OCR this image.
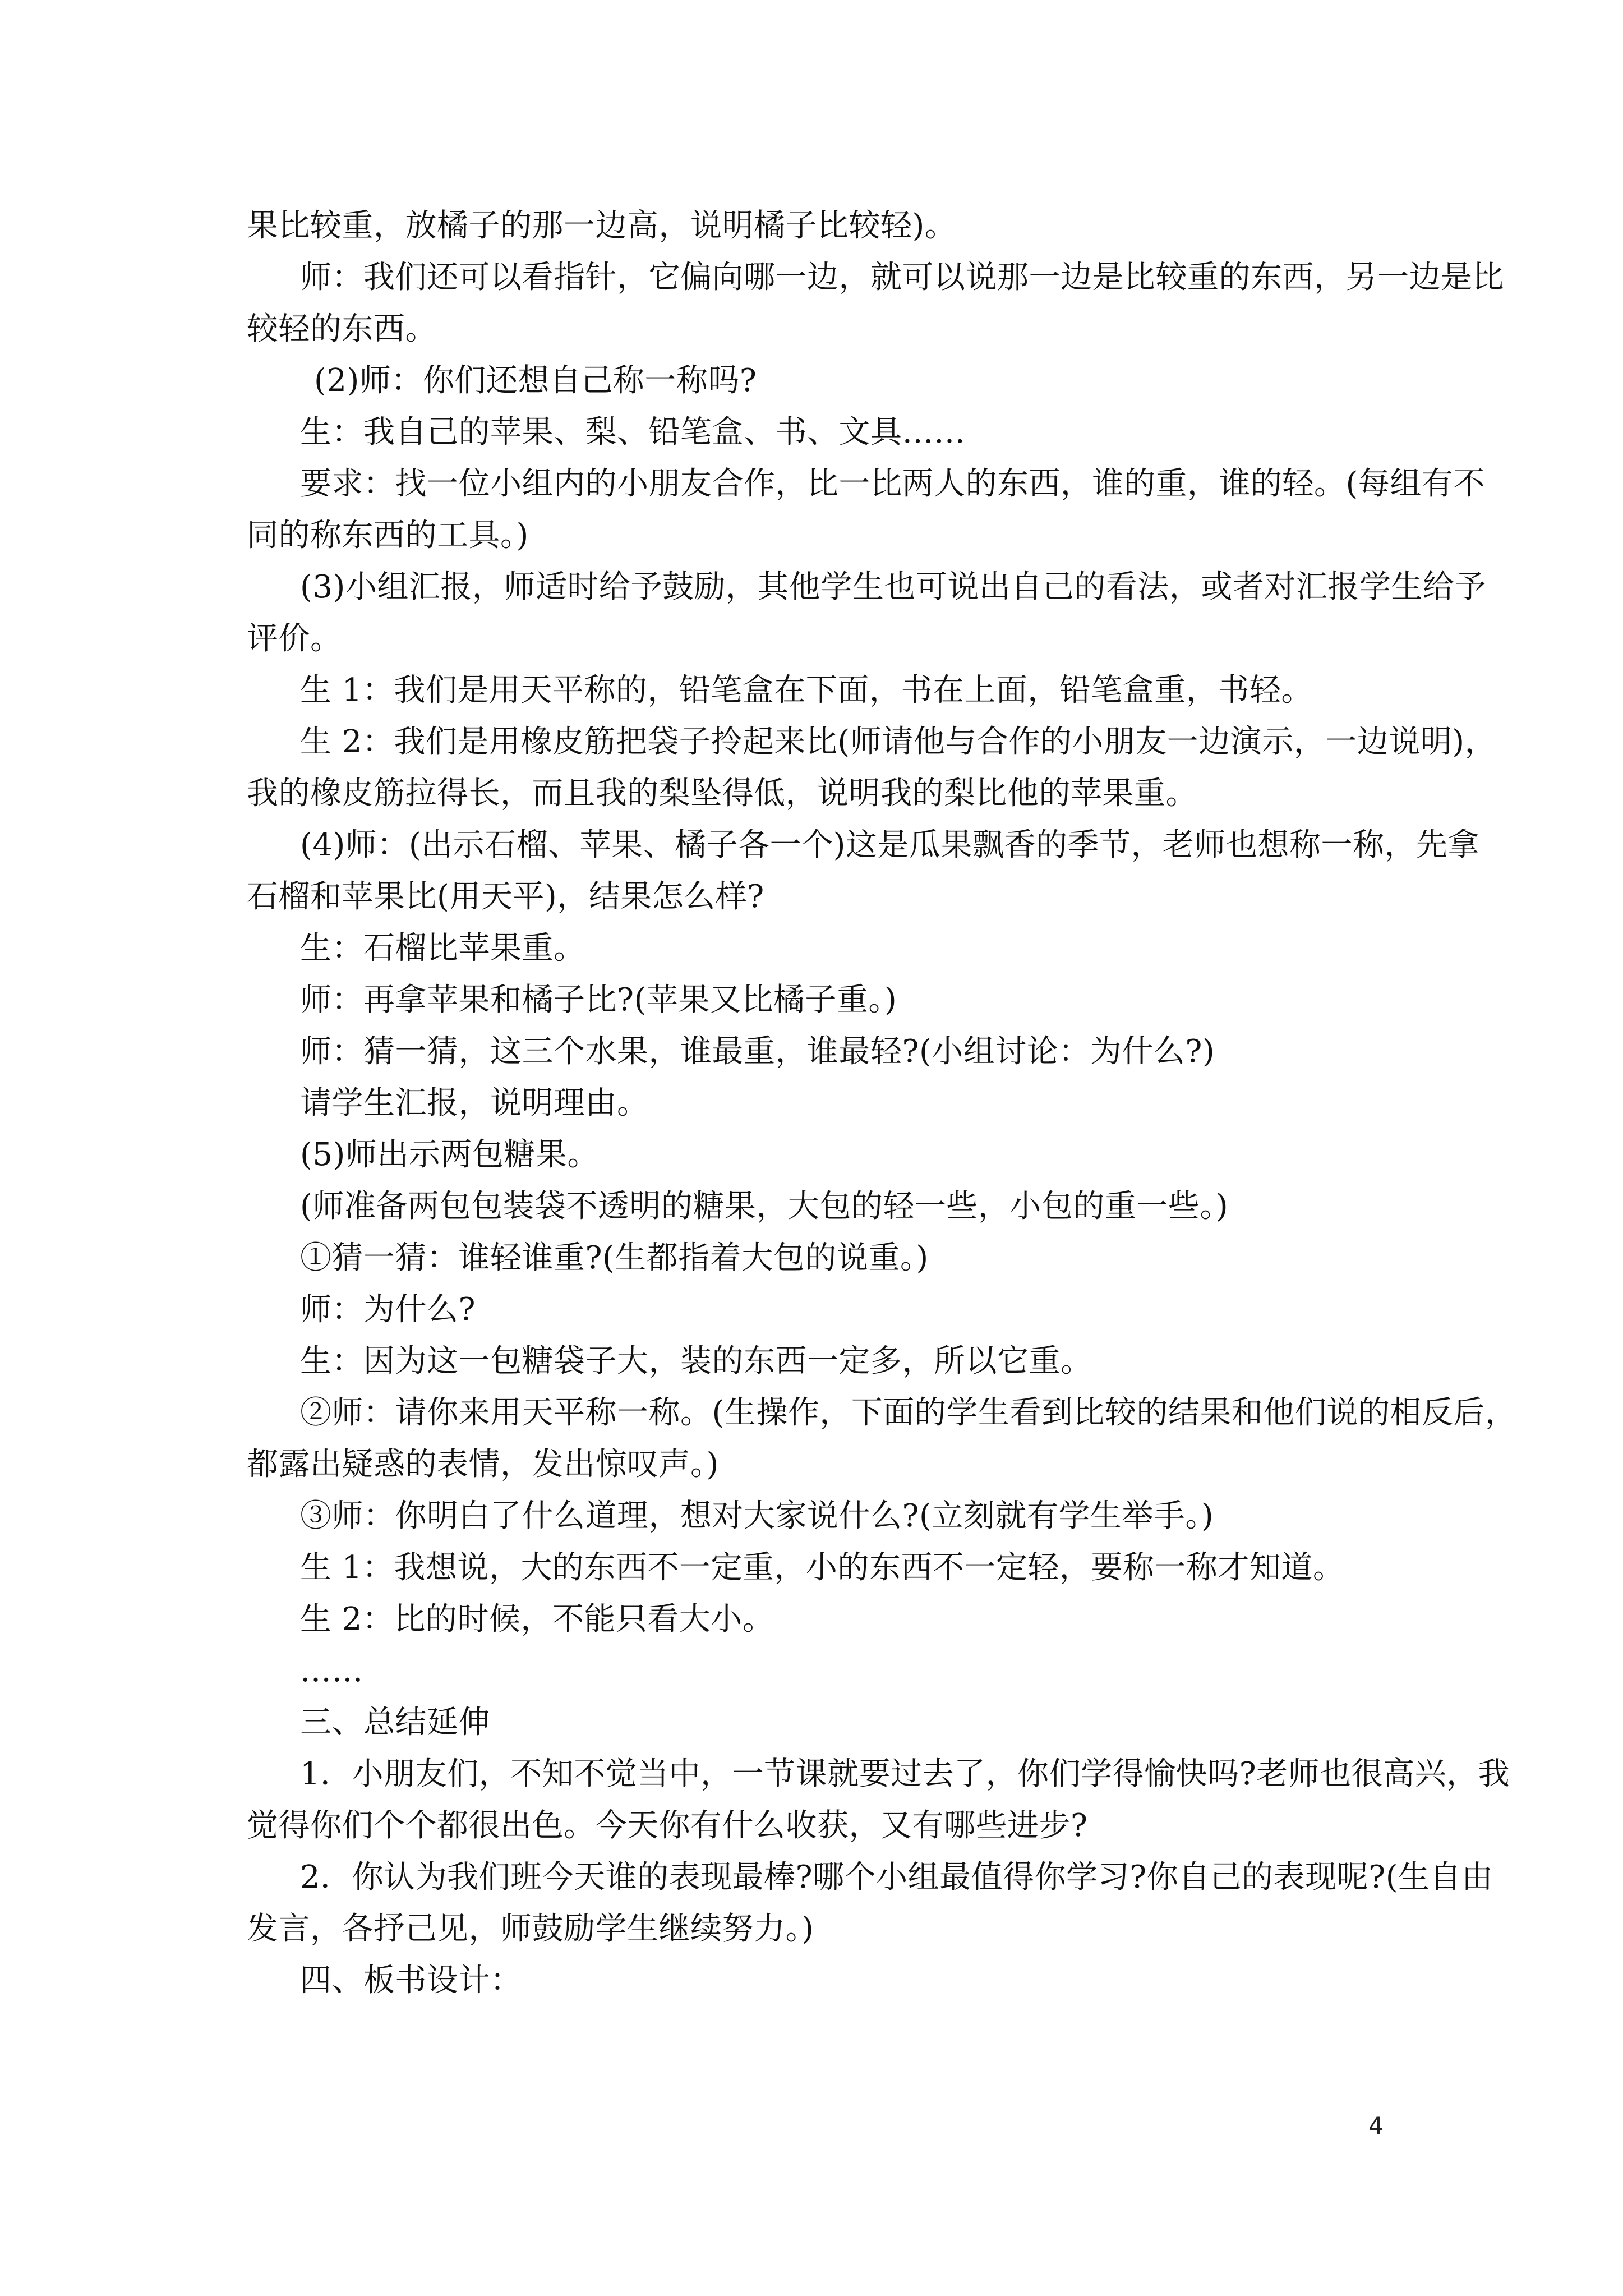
果比较重，放橘子的那一边高，说明橘子比较轻)。
师：我们还可以看指针，它偏向哪一边，就可以说那一边是比较重的东西，另一边是比
较轻的东西。
(2)师：你们还想自己称一称吗?
生：我自己的苹果、梨、铅笔盒、书、文具……
要求：找一位小组内的小朋友合作，比一比两人的东西，谁的重，谁的轻。(每组有不
同的称东西的工具。)
(3)小组汇报，师适时给予鼓励，其他学生也可说出自己的看法，或者对汇报学生给予
评价。
生 1：我们是用天平称的，铅笔盒在下面，书在上面，铅笔盒重，书轻。
生 2：我们是用橡皮筋把袋子拎起来比(师请他与合作的小朋友一边演示，一边说明)，
我的橡皮筋拉得长，而且我的梨坠得低，说明我的梨比他的苹果重。
(4)师：(出示石榴、苹果、橘子各一个)这是瓜果飘香的季节，老师也想称一称，先拿
石榴和苹果比(用天平)，结果怎么样?
生：石榴比苹果重。
师：再拿苹果和橘子比?(苹果又比橘子重。)
师：猜一猜，这三个水果，谁最重，谁最轻?(小组讨论：为什么?)
请学生汇报，说明理由。
(5)师出示两包糖果。
(师准备两包包装袋不透明的糖果，大包的轻一些，小包的重一些。)
①猜一猜：谁轻谁重?(生都指着大包的说重。)
师：为什么?
生：因为这一包糖袋子大，装的东西一定多，所以它重。
②师：请你来用天平称一称。(生操作，下面的学生看到比较的结果和他们说的相反后，
都露出疑惑的表情，发出惊叹声。)
③师：你明白了什么道理，想对大家说什么?(立刻就有学生举手。)
生 1：我想说，大的东西不一定重，小的东西不一定轻，要称一称才知道。
生 2：比的时候，不能只看大小。
……
三、总结延伸
1．小朋友们，不知不觉当中，一节课就要过去了，你们学得愉快吗?老师也很高兴，我
觉得你们个个都很出色。今天你有什么收获，又有哪些进步?
2．你认为我们班今天谁的表现最棒?哪个小组最值得你学习?你自己的表现呢?(生自由
发言，各抒己见，师鼓励学生继续努力。)
四、板书设计：
4
